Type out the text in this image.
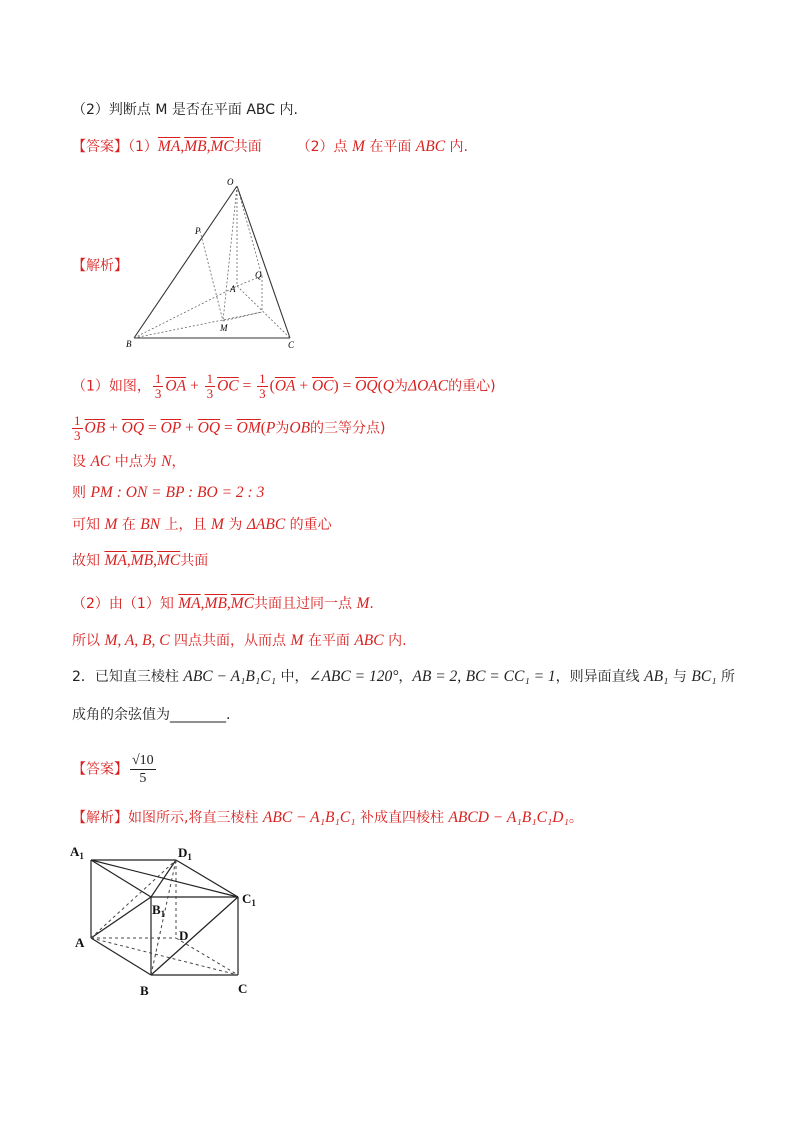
（2）判断点 M 是否在平面 ABC 内.
【答案】$(1)\overline{MA},\overline{MB},\overline{MC}$共面 （2）点 M 在平面 ABC 内.
【解析】
O
P
Q
A
M
B	C
（1）如图， $\frac{1}{3} \overline{OA} + \frac{1}{3} \overline{OC} = \frac{1}{3} (\overline{OA} + \overline{OC}) = \overline{OQ}(Q$为ΔOAC的重心)
$\frac{1}{3} \overline{OB} + \overline{OQ} = \overline{OP} + \overline{OQ} = \overline{OM}(P$为OB的三等分点)
设 AC 中点为 N，
则 PM : ON = BP : BO = 2 : 3
可知 M 在 BN 上，且 M 为 ΔABC 的重心
故知 $\overline{MA},\overline{MB},\overline{MC}$共面
（2）由（1）知 $\overline{MA},\overline{MB},\overline{MC}$共面且过同一点 M.
所以 M, A, B, C 四点共面，从而点 M 在平面 ABC 内.
2．已知直三棱柱 ABC − A₁B₁C₁ 中，∠ABC = 120°，AB = 2, BC = CC₁ = 1，则异面直线 AB₁ 与 BC₁ 所
成角的余弦值为________.
【答案】 $\frac{√10}{5}$
【解析】如图所示,将直三棱柱 ABC − A₁B₁C₁ 补成直四棱柱 ABCD − A₁B₁C₁D₁。
$A_1$	$D_1$
$B_1$
$C_1$
A	D
B	C
